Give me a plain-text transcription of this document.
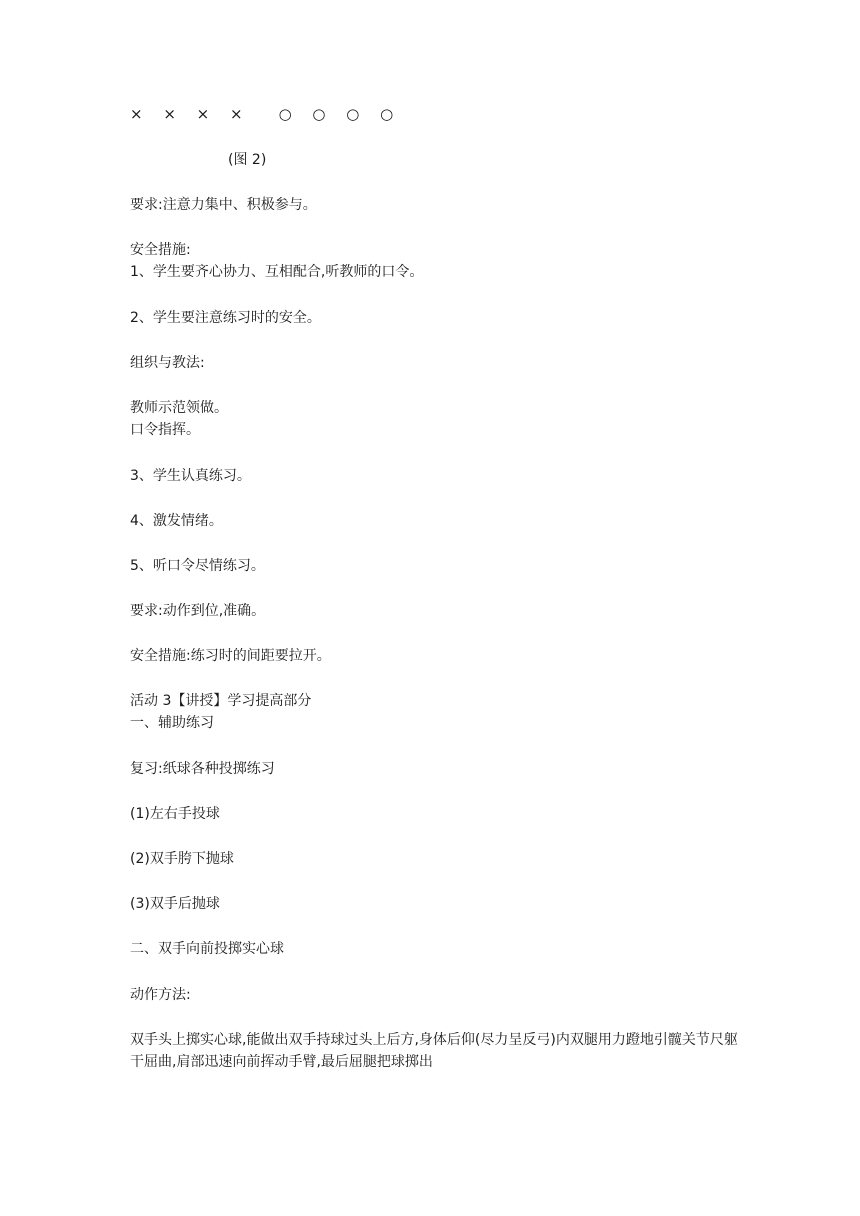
× × × × ○ ○ ○ ○
(图 2)
要求:注意力集中、积极参与。
安全措施:
1、学生要齐心协力、互相配合,听教师的口令。
2、学生要注意练习时的安全。
组织与教法:
教师示范领做。
口令指挥。
3、学生认真练习。
4、激发情绪。
5、听口令尽情练习。
要求:动作到位,准确。
安全措施:练习时的间距要拉开。
活动 3【讲授】学习提高部分
一、辅助练习
复习:纸球各种投掷练习
(1)左右手投球
(2)双手胯下抛球
(3)双手后抛球
二、双手向前投掷实心球
动作方法:
双手头上掷实心球,能做出双手持球过头上后方,身体后仰(尽力呈反弓)内双腿用力蹬地引髋关节尺躯干屈曲,肩部迅速向前挥动手臂,最后屈腿把球掷出
